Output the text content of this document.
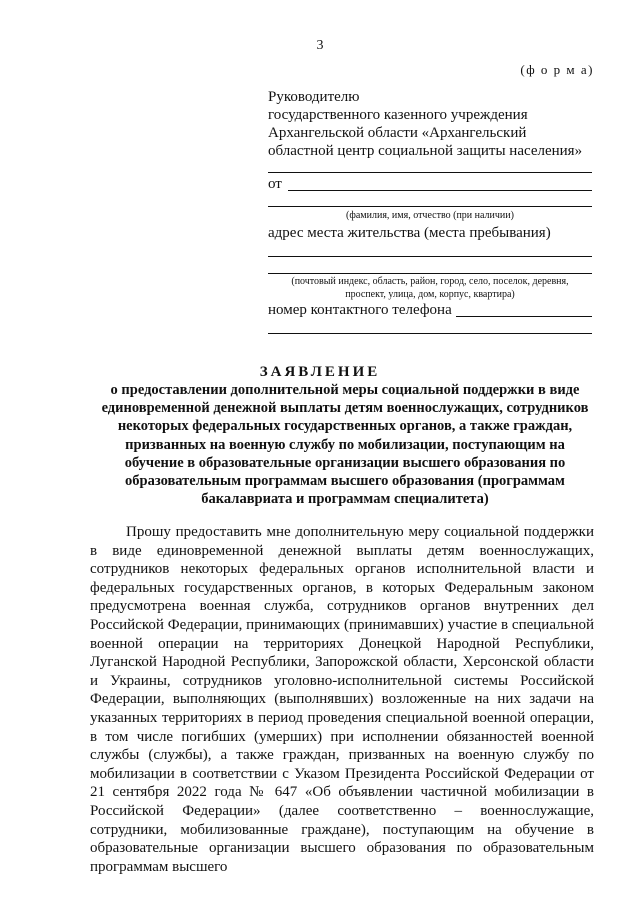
3
(ф о р м а)
Руководителю
государственного казенного учреждения
Архангельской области «Архангельский
областной центр социальной защиты населения»
от
(фамилия, имя, отчество (при наличии)
адрес места жительства (места пребывания)
(почтовый индекс, область, район, город, село, поселок, деревня,
проспект, улица, дом, корпус, квартира)
номер контактного телефона
ЗАЯВЛЕНИЕ
о предоставлении дополнительной меры социальной поддержки в виде единовременной денежной выплаты детям военнослужащих, сотрудников некоторых федеральных государственных органов, а также граждан, призванных на военную службу по мобилизации, поступающим на обучение в образовательные организации высшего образования по образовательным программам высшего образования (программам бакалавриата и программам специалитета)
Прошу предоставить мне дополнительную меру социальной поддержки в виде единовременной денежной выплаты детям военнослужащих, сотрудников некоторых федеральных органов исполнительной власти и федеральных государственных органов, в которых Федеральным законом предусмотрена военная служба, сотрудников органов внутренних дел Российской Федерации, принимающих (принимавших) участие в специальной военной операции на территориях Донецкой Народной Республики, Луганской Народной Республики, Запорожской области, Херсонской области и Украины, сотрудников уголовно-исполнительной системы Российской Федерации, выполняющих (выполнявших) возложенные на них задачи на указанных территориях в период проведения специальной военной операции, в том числе погибших (умерших) при исполнении обязанностей военной службы (службы), а также граждан, призванных на военную службу по мобилизации в соответствии с Указом Президента Российской Федерации от 21 сентября 2022 года № 647 «Об объявлении частичной мобилизации в Российской Федерации» (далее соответственно – военнослужащие, сотрудники, мобилизованные граждане), поступающим на обучение в образовательные организации высшего образования по образовательным программам высшего
